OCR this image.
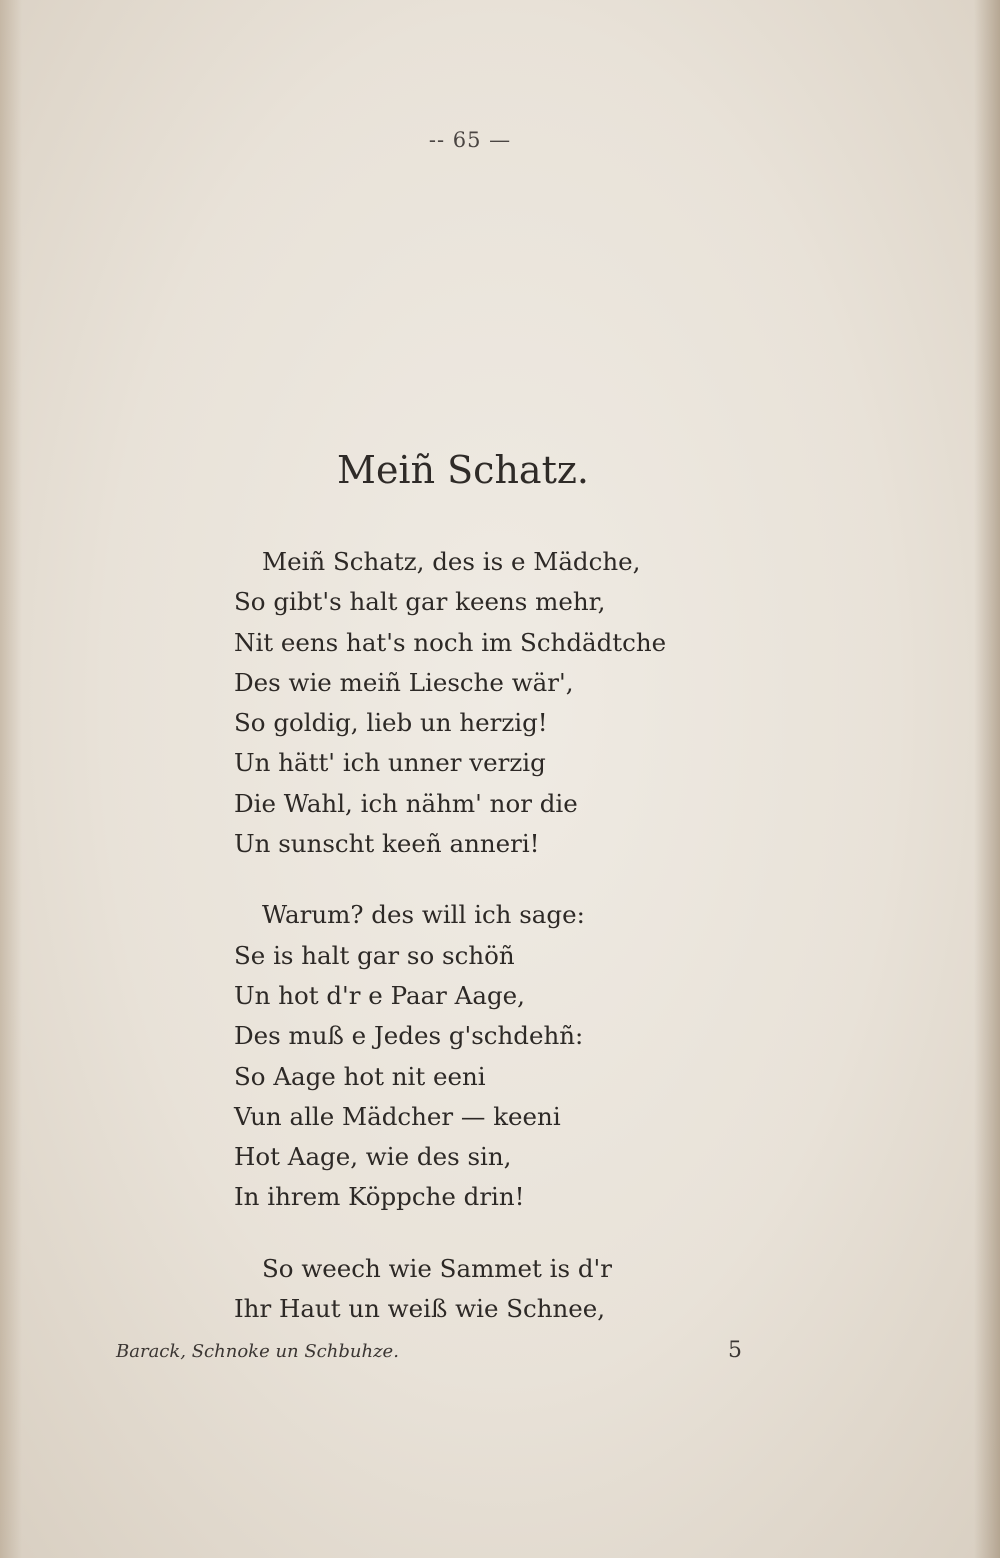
-- 65 —
Meiñ Schatz.
Meiñ Schatz, des is e Mädche,
So gibt's halt gar keens mehr,
Nit eens hat's noch im Schdädtche
Des wie meiñ Liesche wär',
So goldig, lieb un herzig!
Un hätt' ich unner verzig
Die Wahl, ich nähm' nor die
Un sunscht keeñ anneri!
Warum? des will ich sage:
Se is halt gar so schöñ
Un hot d'r e Paar Aage,
Des muß e Jedes g'schdehñ:
So Aage hot nit eeni
Vun alle Mädcher — keeni
Hot Aage, wie des sin,
In ihrem Köppche drin!
So weech wie Sammet is d'r
Ihr Haut un weiß wie Schnee,
Barack, Schnoke un Schbuhze.	5
